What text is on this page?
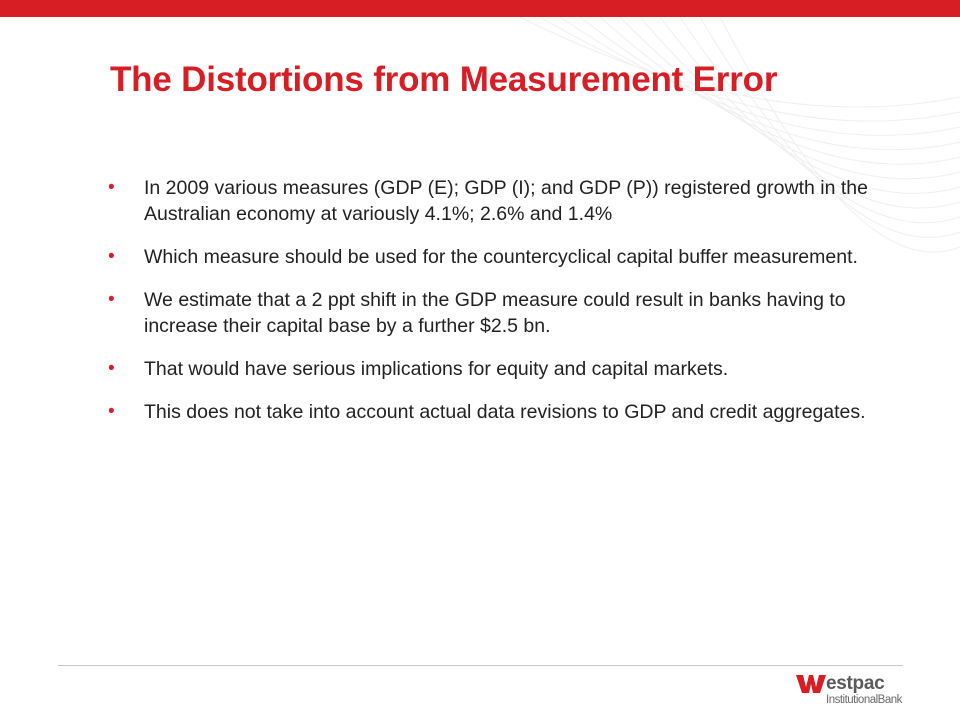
The Distortions from Measurement Error
•	In 2009 various measures (GDP (E); GDP (I); and GDP (P)) registered growth in the Australian economy at variously 4.1%; 2.6% and 1.4%
•	Which measure should be used for the countercyclical capital buffer measurement.
•	We estimate that a 2 ppt shift in the GDP measure could result in banks having to increase their capital base by a further $2.5 bn.
•	That would have serious implications for equity and capital markets.
•	This does not take into account actual data revisions to GDP and credit aggregates.
estpac
InstitutionalBank
